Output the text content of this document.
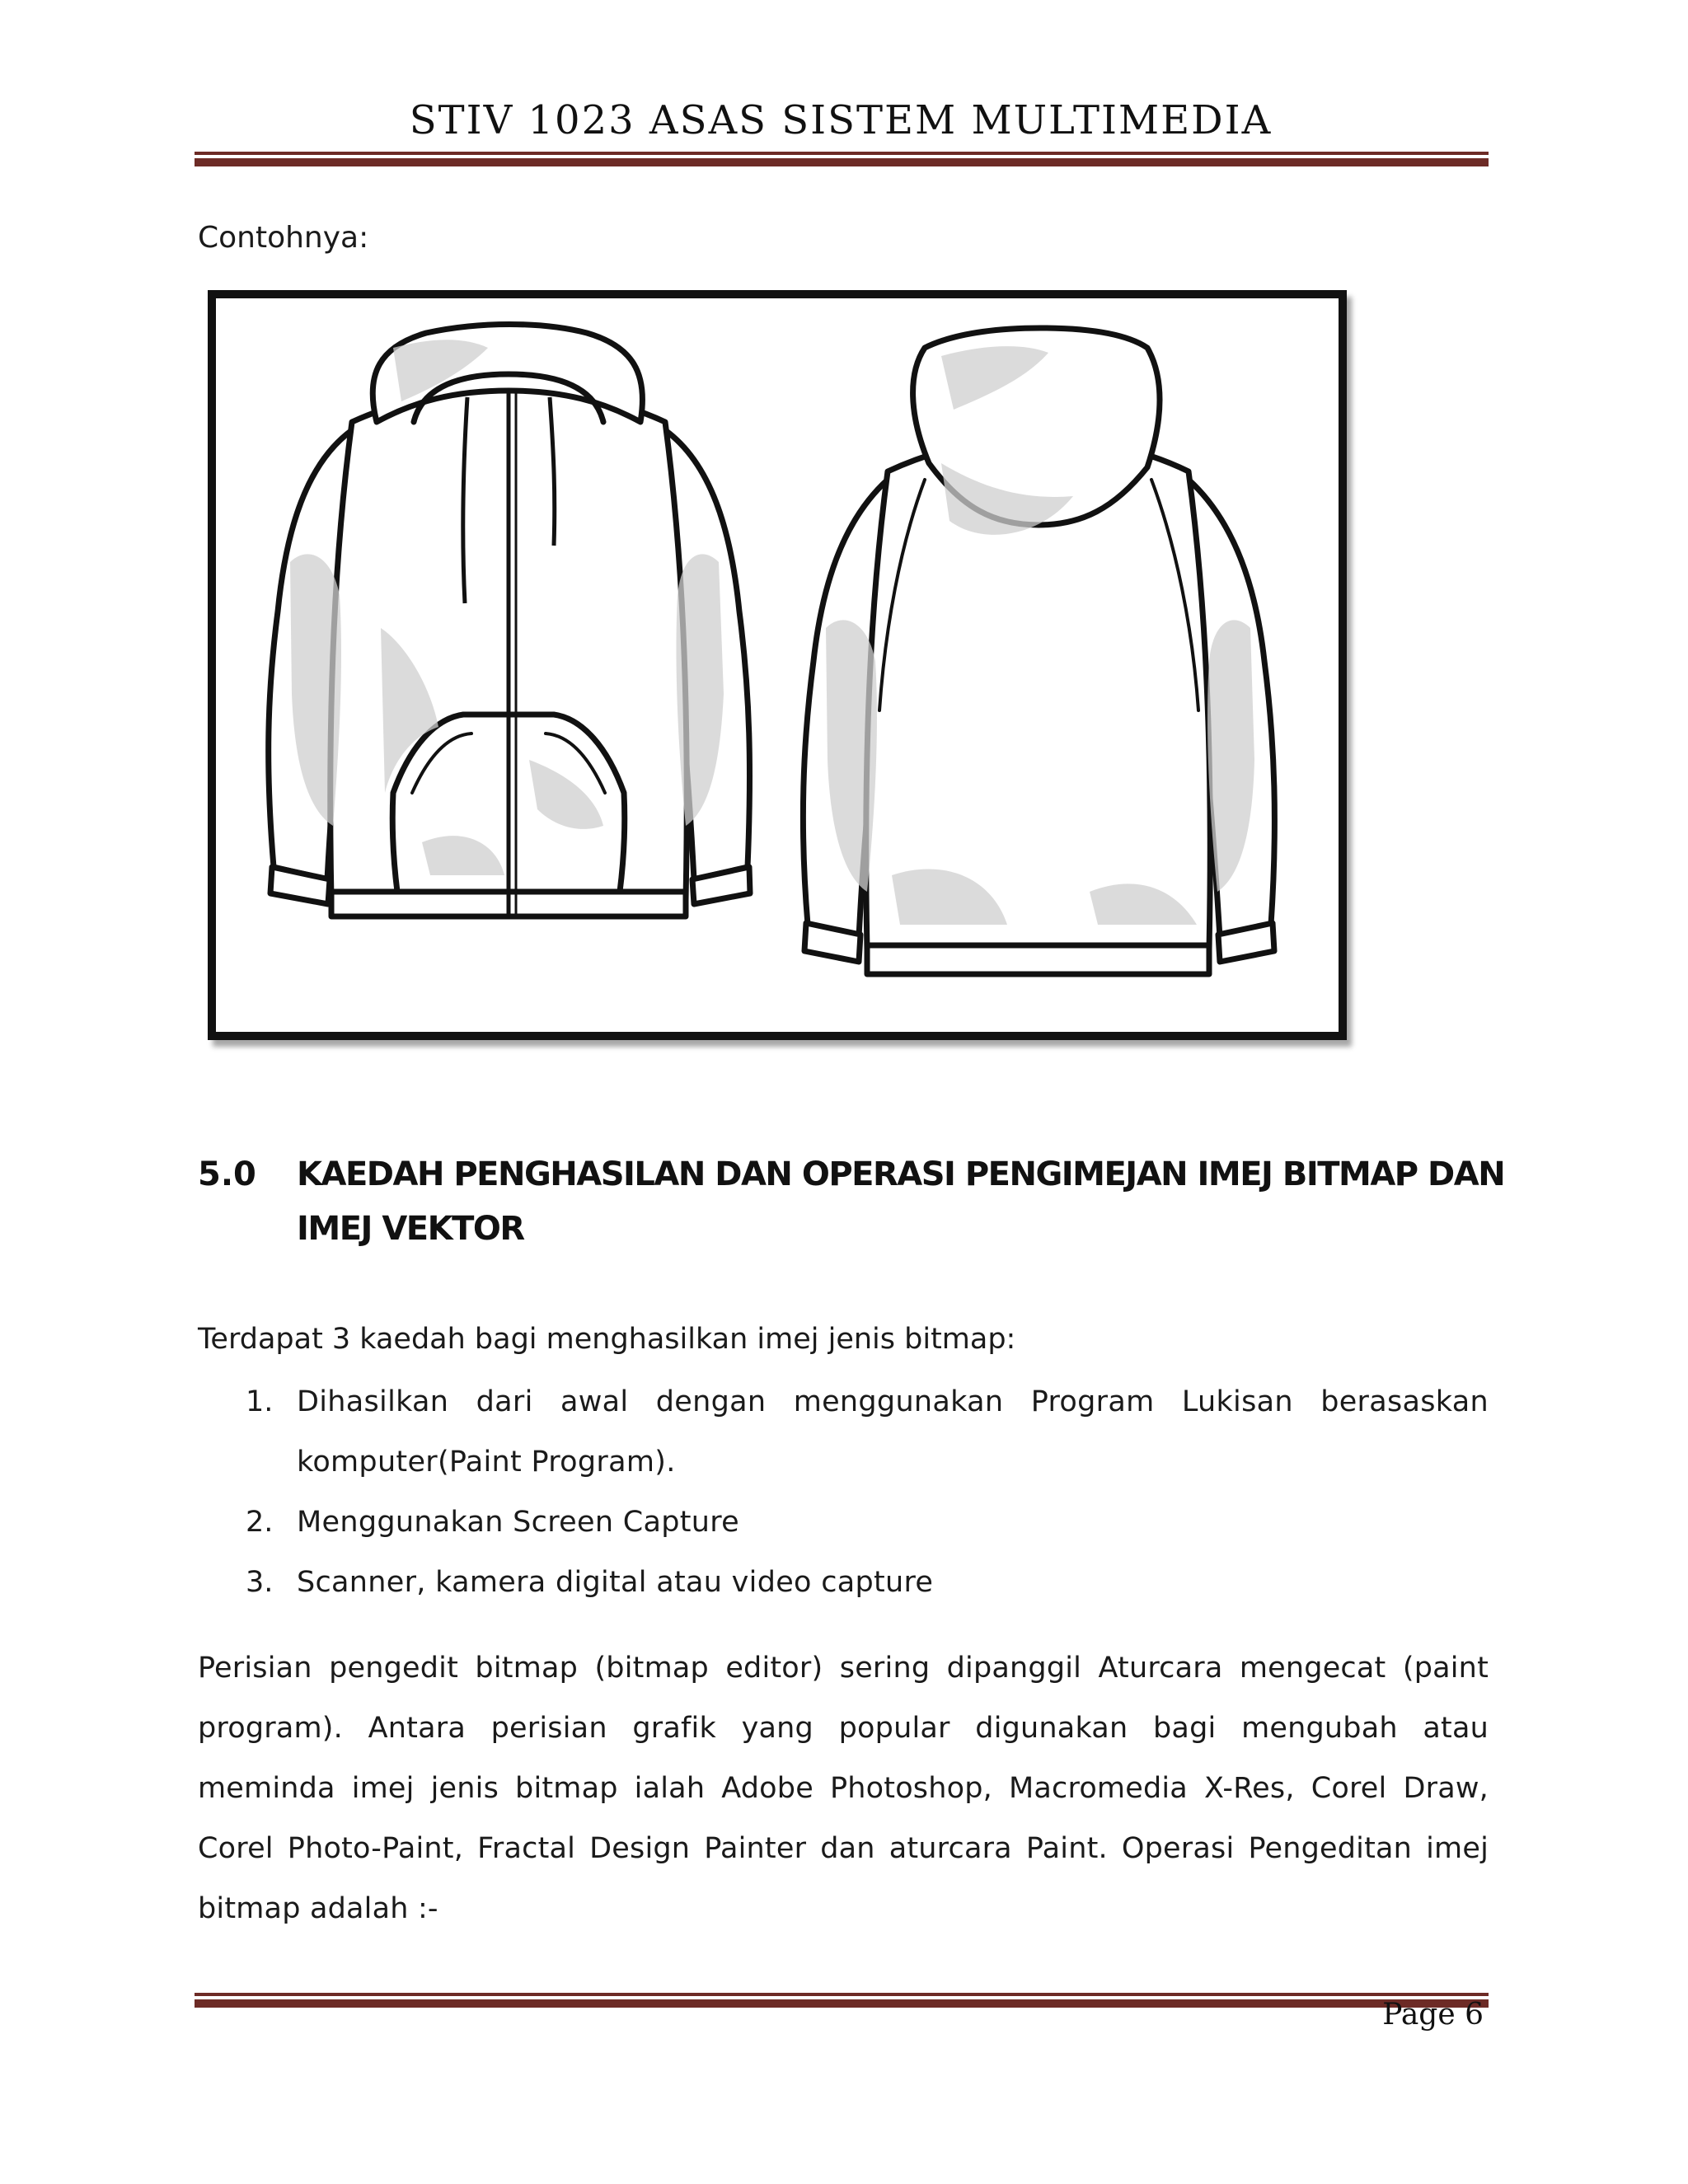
STIV 1023 ASAS SISTEM MULTIMEDIA
Contohnya:
5.0	KAEDAH PENGHASILAN DAN OPERASI PENGIMEJAN IMEJ BITMAP DAN IMEJ VEKTOR
Terdapat 3 kaedah bagi menghasilkan imej jenis bitmap:
1. Dihasilkan dari awal dengan menggunakan Program Lukisan berasaskan komputer(Paint Program).
2. Menggunakan Screen Capture
3. Scanner, kamera digital atau video capture
Perisian pengedit bitmap (bitmap editor) sering dipanggil Aturcara mengecat (paint program). Antara perisian grafik yang popular digunakan bagi mengubah atau meminda imej jenis bitmap ialah Adobe Photoshop, Macromedia X-Res, Corel Draw, Corel Photo-Paint, Fractal Design Painter dan aturcara Paint. Operasi Pengeditan imej bitmap adalah :-
Page 6
